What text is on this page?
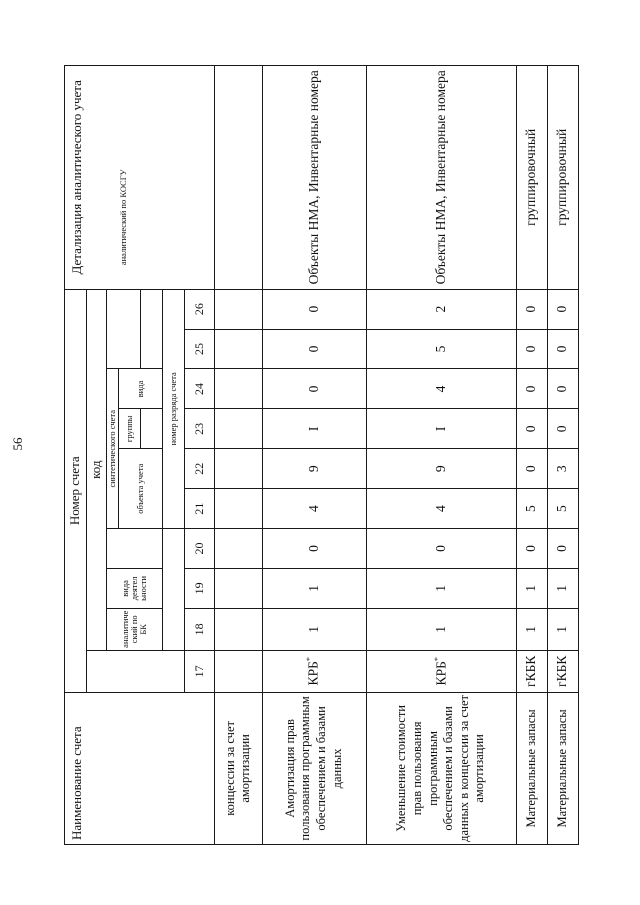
56
Наименование счета	Номер счета										Детализация аналитического учета
		код									
		аналитиче ский по БК	вида деятел ьности		синтетического счета				аналитический по КОСГУ		
					объекта учета		группы	вида			

					номер разряда счета						
	17	18	19	20	21	22	23	24	25	26	
концессии за счет амортизации											
Амортизация прав пользования программным обеспечением и базами данных	КРБ*	1	1	0	4	9	I	0	0	0	Объекты НМА, Инвентарные номера
Уменьшение стоимости прав пользования программным обеспечением и базами данных в концессии за счет амортизации	КРБ*	1	1	0	4	9	I	4	5	2	Объекты НМА, Инвентарные номера
Материальные запасы	гКБК	1	1	0	5	0	0	0	0	0	группировочный
Материальные запасы	гКБК	1	1	0	5	3	0	0	0	0	группировочный
